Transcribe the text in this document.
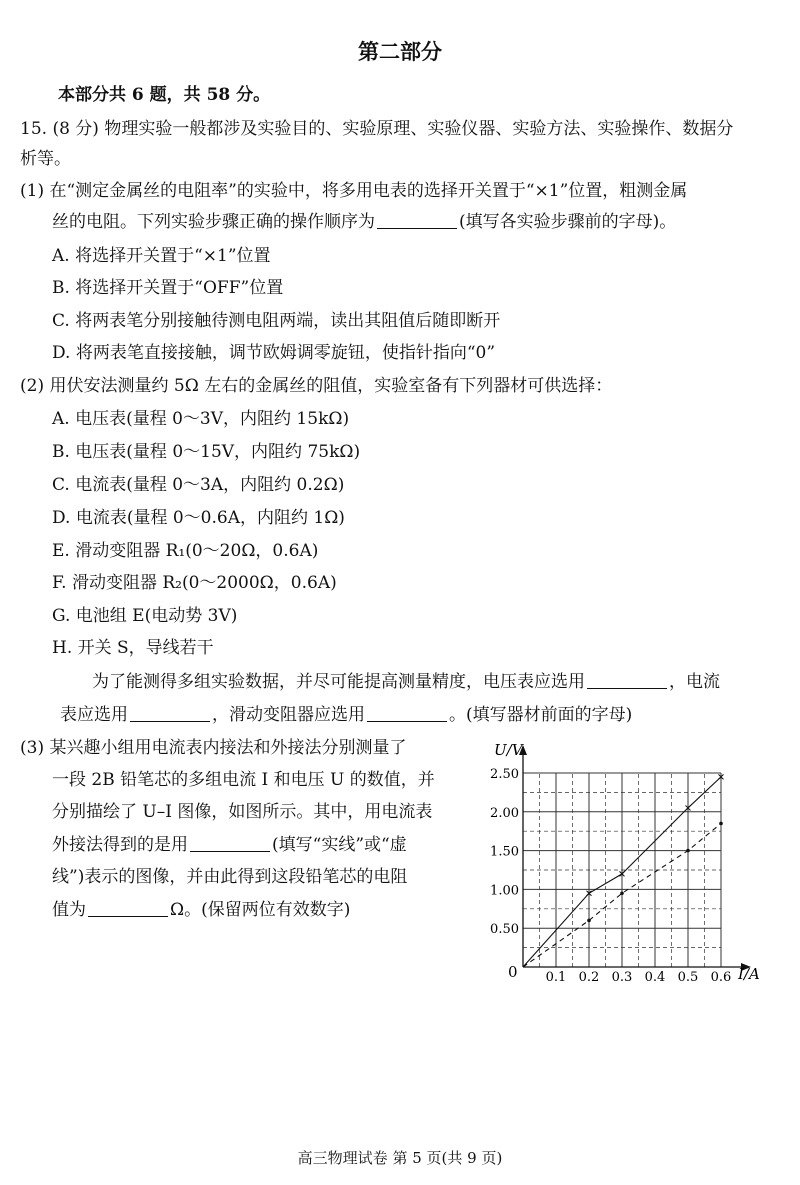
第二部分
本部分共 6 题，共 58 分。
15. (8 分) 物理实验一般都涉及实验目的、实验原理、实验仪器、实验方法、实验操作、数据分
析等。
(1) 在“测定金属丝的电阻率”的实验中，将多用电表的选择开关置于“×1”位置，粗测金属
丝的电阻。下列实验步骤正确的操作顺序为	(填写各实验步骤前的字母)。
A. 将选择开关置于“×1”位置
B. 将选择开关置于“OFF”位置
C. 将两表笔分别接触待测电阻两端，读出其阻值后随即断开
D. 将两表笔直接接触，调节欧姆调零旋钮，使指针指向“0”
(2) 用伏安法测量约 5Ω 左右的金属丝的阻值，实验室备有下列器材可供选择：
A. 电压表(量程 0～3V，内阻约 15kΩ)
B. 电压表(量程 0～15V，内阻约 75kΩ)
C. 电流表(量程 0～3A，内阻约 0.2Ω)
D. 电流表(量程 0～0.6A，内阻约 1Ω)
E. 滑动变阻器 R₁(0～20Ω，0.6A)
F. 滑动变阻器 R₂(0～2000Ω，0.6A)
G. 电池组 E(电动势 3V)
H. 开关 S，导线若干
为了能测得多组实验数据，并尽可能提高测量精度，电压表应选用	，电流
表应选用	，滑动变阻器应选用	。(填写器材前面的字母)
(3) 某兴趣小组用电流表内接法和外接法分别测量了
一段 2B 铅笔芯的多组电流 I 和电压 U 的数值，并
分别描绘了 U–I 图像，如图所示。其中，用电流表
外接法得到的是用	(填写“实线”或“虚
线”)表示的图像，并由此得到这段铅笔芯的电阻
值为	Ω。(保留两位有效数字)
0.1 0.2 0.3 0.4 0.5 0.6
0.50
1.00
1.50
2.00
2.50
U/V
I/A
0
高三物理试卷 第 5 页(共 9 页)
